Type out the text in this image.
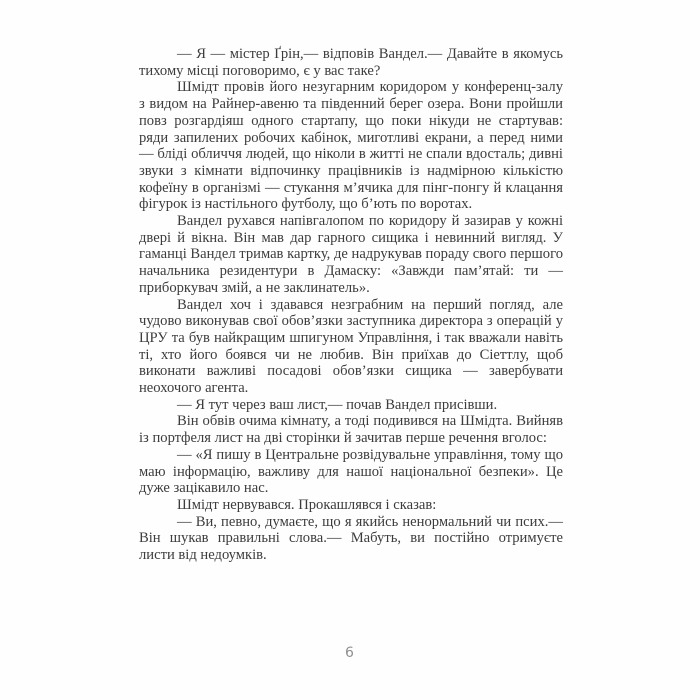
— Я — містер Ґрін,— відповів Вандел.— Давайте в якомусь тихому місці поговоримо, є у вас таке?

Шмідт провів його незугарним коридором у конференц-залу з видом на Райнер-авеню та південний берег озера. Вони пройшли повз розгардіяш одного стартапу, що поки нікуди не стартував: ряди запилених робочих кабінок, миготливі екрани, а перед ними — бліді обличчя людей, що ніколи в житті не спали вдосталь; дивні звуки з кімнати відпочинку працівників із надмірною кількістю кофеїну в організмі — стукання м’ячика для пінг-понгу й клацання фігурок із настільного футболу, що б’ють по воротах.

Вандел рухався напівгалопом по коридору й зазирав у кожні двері й вікна. Він мав дар гарного сищика і невинний вигляд. У гаманці Вандел тримав картку, де надрукував пораду свого першого начальника резидентури в Дамаску: «Завжди пам’ятай: ти — приборкувач змій, а не заклинатель».

Вандел хоч і здавався незграбним на перший погляд, але чудово виконував свої обов’язки заступника директора з операцій у ЦРУ та був найкращим шпигуном Управління, і так вважали навіть ті, хто його боявся чи не любив. Він приїхав до Сіеттлу, щоб виконати важливі посадові обов’язки сищика — завербувати неохочого агента.

— Я тут через ваш лист,— почав Вандел присівши.

Він обвів очима кімнату, а тоді подивився на Шмідта. Вийняв із портфеля лист на дві сторінки й зачитав перше речення вголос:

— «Я пишу в Центральне розвідувальне управління, тому що маю інформацію, важливу для нашої національної безпеки». Це дуже зацікавило нас.

Шмідт нервувався. Прокашлявся і сказав:

— Ви, певно, думаєте, що я якийсь ненормальний чи псих.— Він шукав правильні слова.— Мабуть, ви постійно отримуєте листи від недоумків.

6
